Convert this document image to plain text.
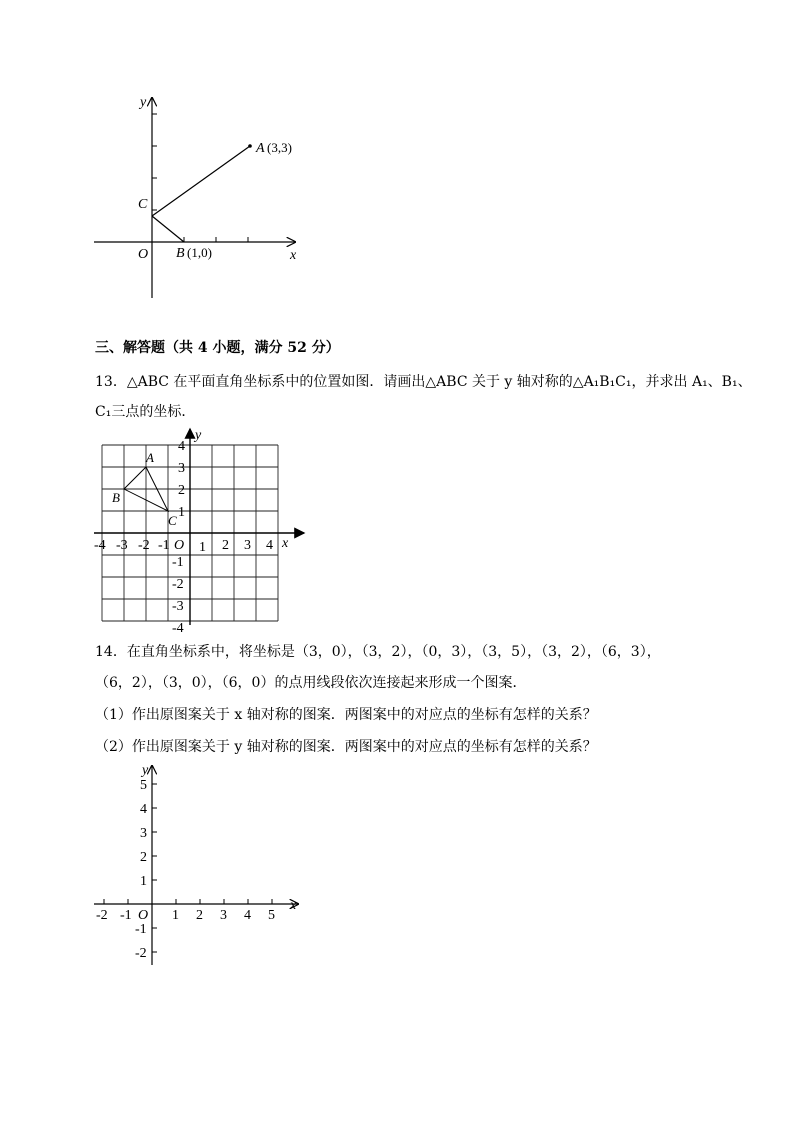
y
x
O
A (3,3)
B (1,0)
C
三、解答题（共 4 小题，满分 52 分）
13．△ABC 在平面直角坐标系中的位置如图．请画出△ABC 关于 y 轴对称的△A₁B₁C₁，并求出 A₁、B₁、
C₁三点的坐标．
y
x
O
A
B
C
-4 -3 -2 -1 1 2 3 4
4
3
2
1
-1
-2
-3
-4
14．在直角坐标系中，将坐标是（3，0），（3，2），（0，3），（3，5），（3，2），（6，3），
（6，2），（3，0），（6，0）的点用线段依次连接起来形成一个图案．
（1）作出原图案关于 x 轴对称的图案．两图案中的对应点的坐标有怎样的关系？
（2）作出原图案关于 y 轴对称的图案．两图案中的对应点的坐标有怎样的关系？
y
x
O
-2 -1	1 2 3 4 5
5
4
3
2
1
-1
-2
